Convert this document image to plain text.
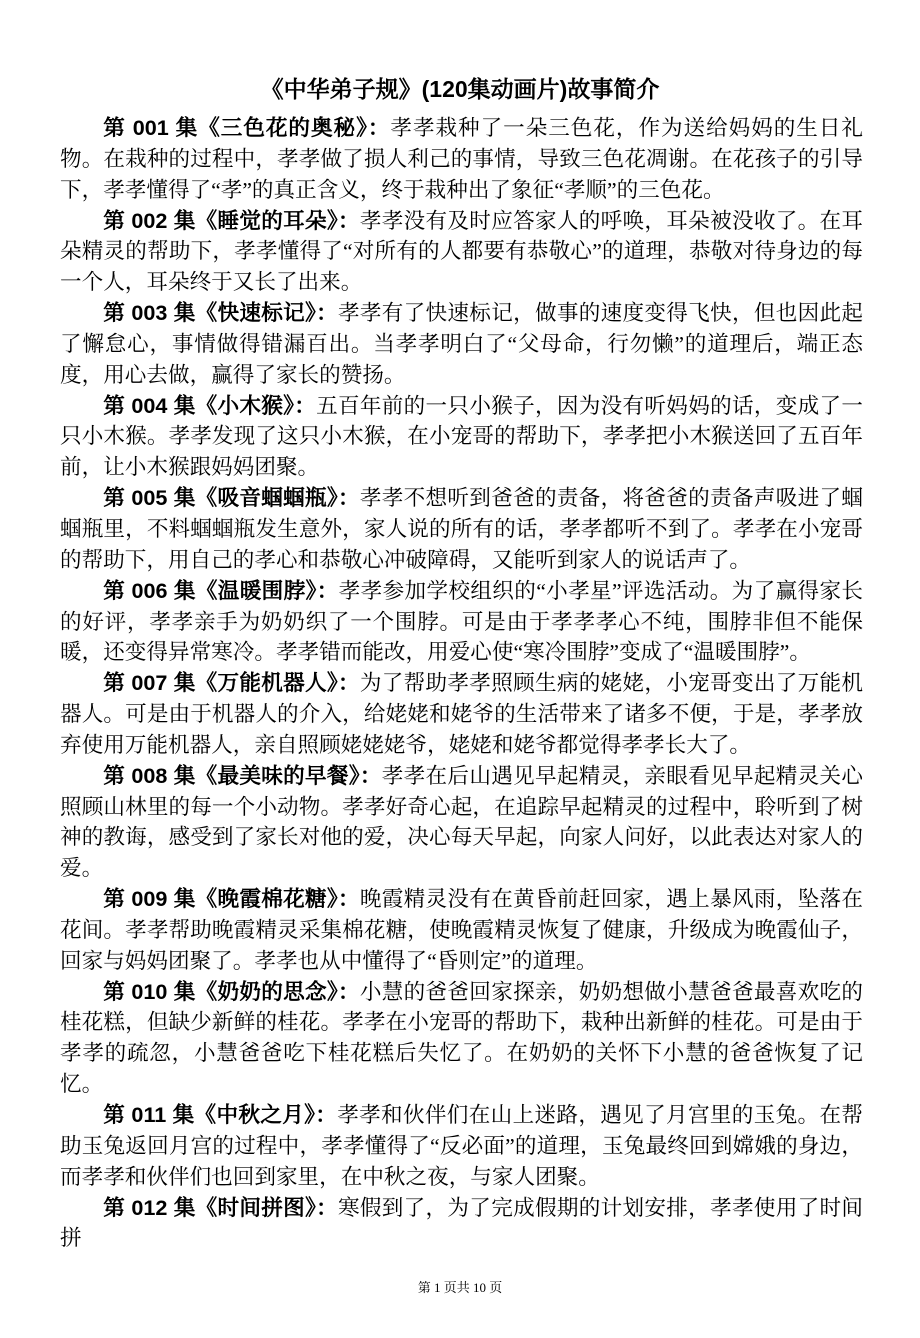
《中华弟子规》(120集动画片)故事简介

第 001 集《三色花的奥秘》：孝孝栽种了一朵三色花，作为送给妈妈的生日礼物。在栽种的过程中，孝孝做了损人利己的事情，导致三色花凋谢。在花孩子的引导下，孝孝懂得了“孝”的真正含义，终于栽种出了象征“孝顺”的三色花。

第 002 集《睡觉的耳朵》：孝孝没有及时应答家人的呼唤，耳朵被没收了。在耳朵精灵的帮助下，孝孝懂得了“对所有的人都要有恭敬心”的道理，恭敬对待身边的每一个人，耳朵终于又长了出来。

第 003 集《快速标记》：孝孝有了快速标记，做事的速度变得飞快，但也因此起了懈怠心，事情做得错漏百出。当孝孝明白了“父母命，行勿懒”的道理后，端正态度，用心去做，赢得了家长的赞扬。

第 004 集《小木猴》：五百年前的一只小猴子，因为没有听妈妈的话，变成了一只小木猴。孝孝发现了这只小木猴，在小宠哥的帮助下，孝孝把小木猴送回了五百年前，让小木猴跟妈妈团聚。

第 005 集《吸音蝈蝈瓶》：孝孝不想听到爸爸的责备，将爸爸的责备声吸进了蝈蝈瓶里，不料蝈蝈瓶发生意外，家人说的所有的话，孝孝都听不到了。孝孝在小宠哥的帮助下，用自己的孝心和恭敬心冲破障碍，又能听到家人的说话声了。

第 006 集《温暖围脖》：孝孝参加学校组织的“小孝星”评选活动。为了赢得家长的好评，孝孝亲手为奶奶织了一个围脖。可是由于孝孝孝心不纯，围脖非但不能保暖，还变得异常寒冷。孝孝错而能改，用爱心使“寒冷围脖”变成了“温暖围脖”。

第 007 集《万能机器人》：为了帮助孝孝照顾生病的姥姥，小宠哥变出了万能机器人。可是由于机器人的介入，给姥姥和姥爷的生活带来了诸多不便，于是，孝孝放弃使用万能机器人，亲自照顾姥姥姥爷，姥姥和姥爷都觉得孝孝长大了。

第 008 集《最美味的早餐》：孝孝在后山遇见早起精灵，亲眼看见早起精灵关心照顾山林里的每一个小动物。孝孝好奇心起，在追踪早起精灵的过程中，聆听到了树神的教诲，感受到了家长对他的爱，决心每天早起，向家人问好，以此表达对家人的爱。

第 009 集《晚霞棉花糖》：晚霞精灵没有在黄昏前赶回家，遇上暴风雨，坠落在花间。孝孝帮助晚霞精灵采集棉花糖，使晚霞精灵恢复了健康，升级成为晚霞仙子，回家与妈妈团聚了。孝孝也从中懂得了“昏则定”的道理。

第 010 集《奶奶的思念》：小慧的爸爸回家探亲，奶奶想做小慧爸爸最喜欢吃的桂花糕，但缺少新鲜的桂花。孝孝在小宠哥的帮助下，栽种出新鲜的桂花。可是由于孝孝的疏忽，小慧爸爸吃下桂花糕后失忆了。在奶奶的关怀下小慧的爸爸恢复了记忆。

第 011 集《中秋之月》：孝孝和伙伴们在山上迷路，遇见了月宫里的玉兔。在帮助玉兔返回月宫的过程中，孝孝懂得了“反必面”的道理，玉兔最终回到嫦娥的身边，而孝孝和伙伴们也回到家里，在中秋之夜，与家人团聚。

第 012 集《时间拼图》：寒假到了，为了完成假期的计划安排，孝孝使用了时间拼

第 1 页共 10 页
